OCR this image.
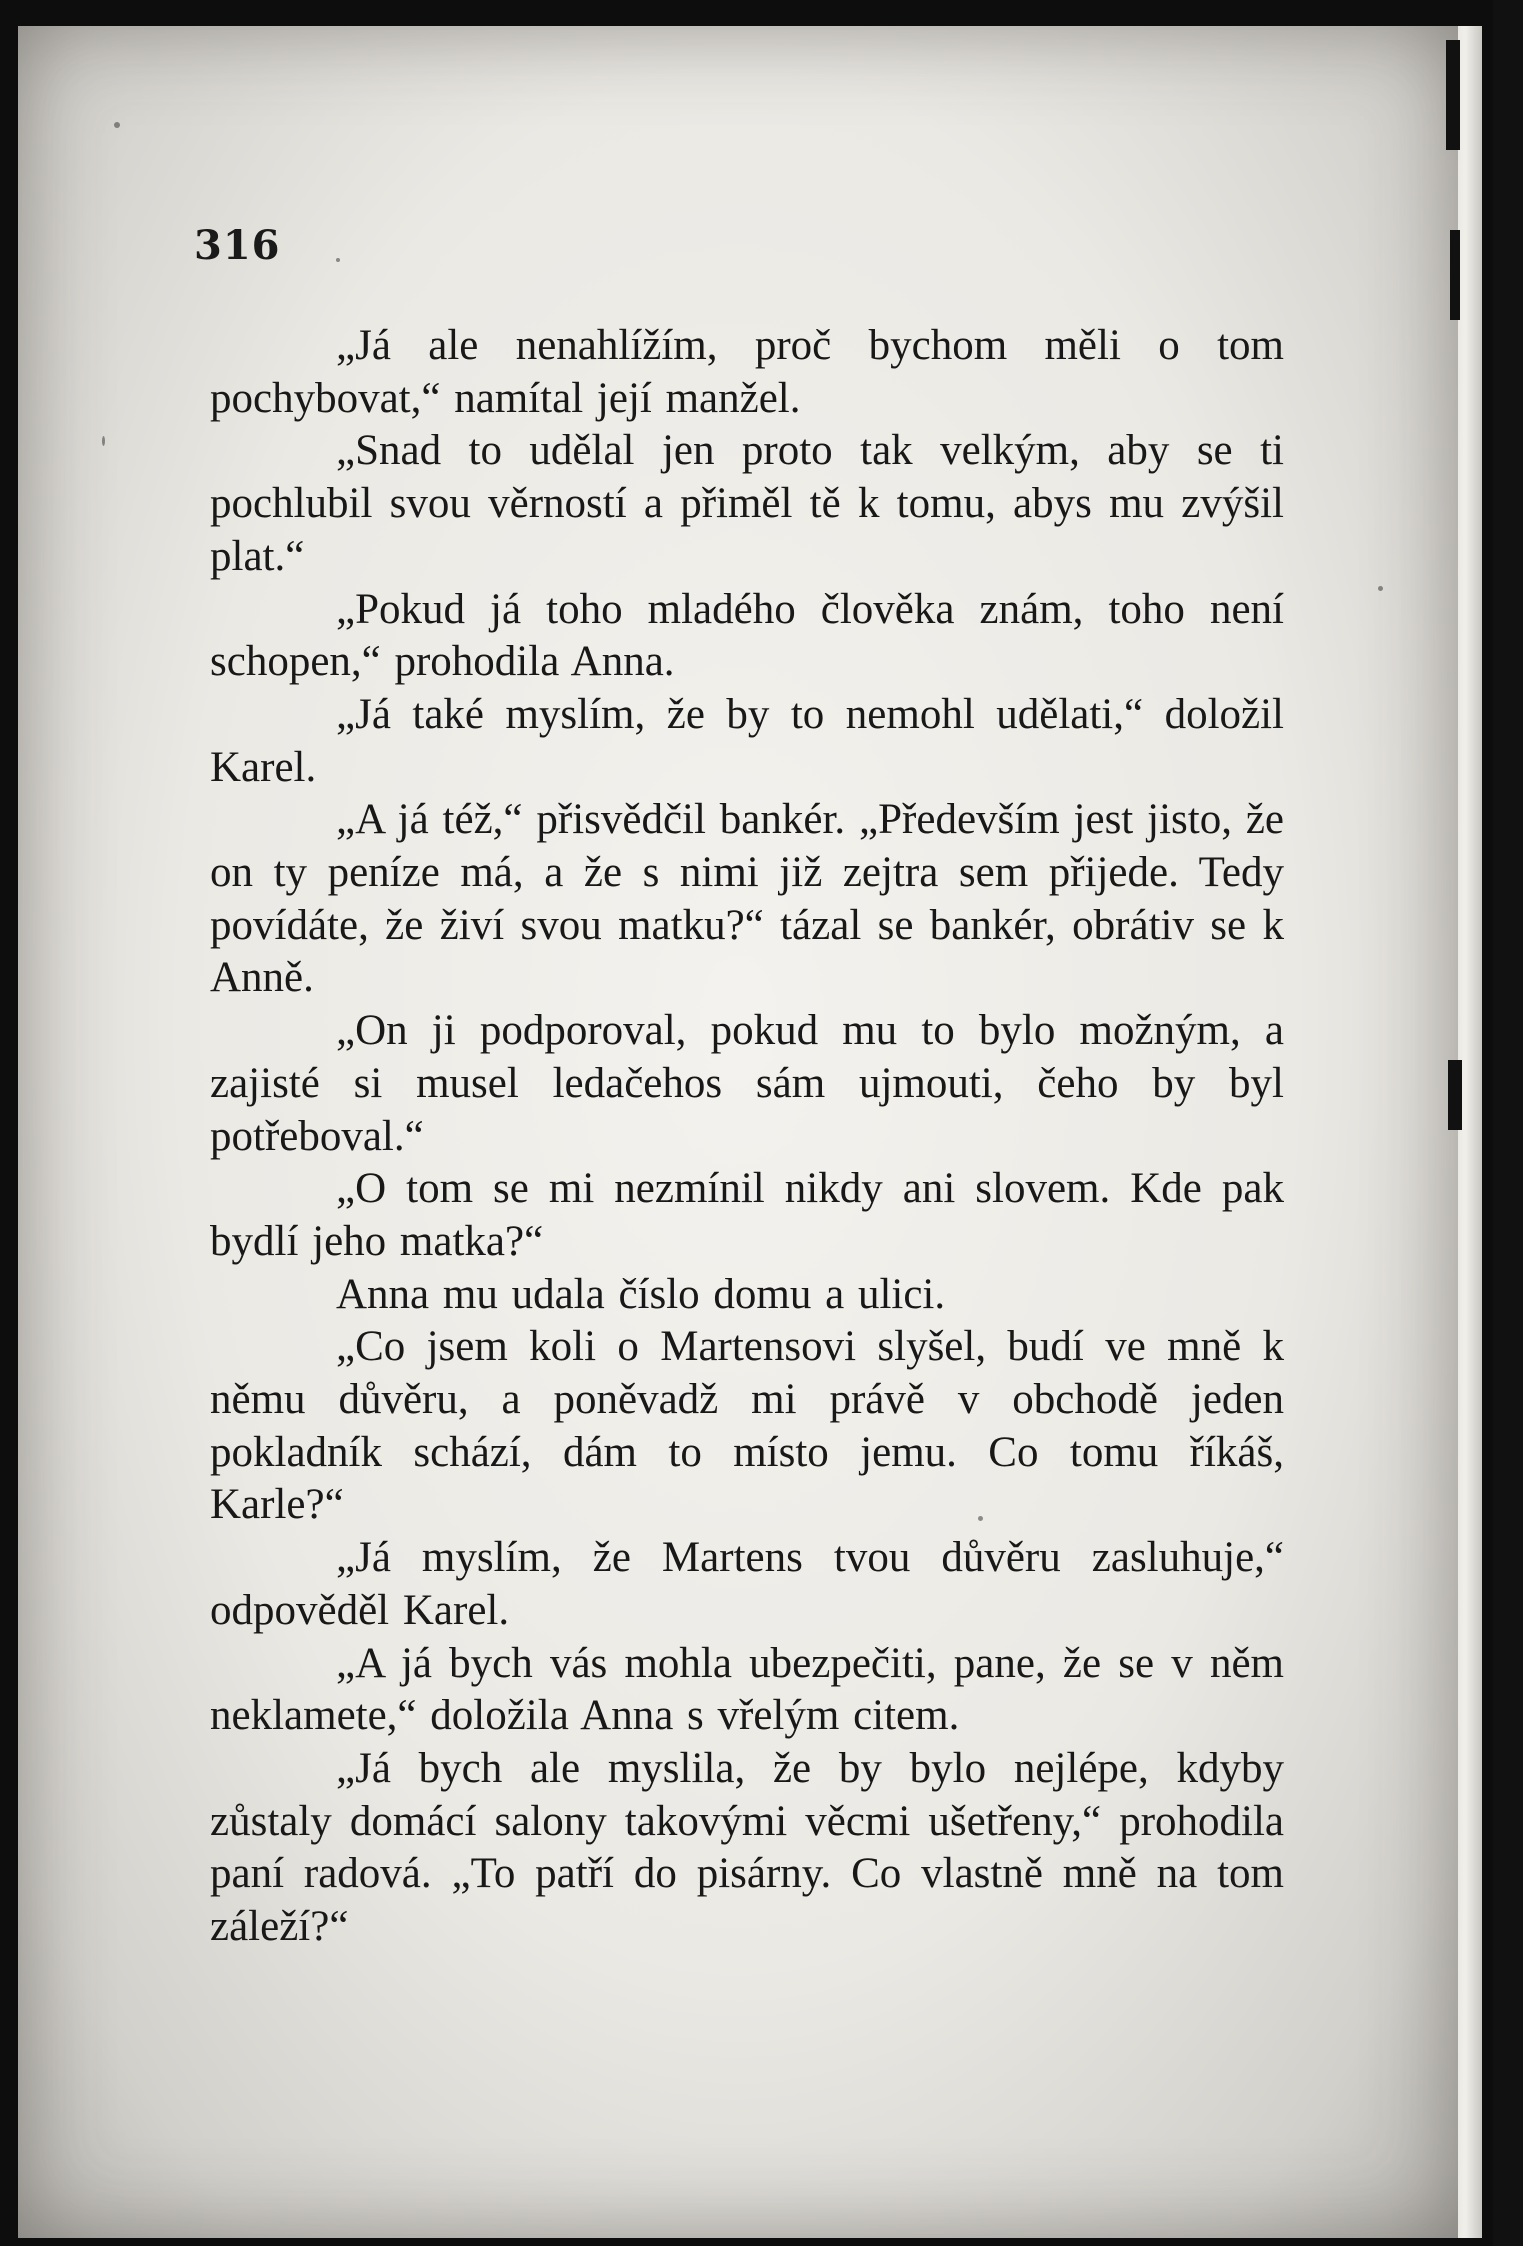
316

„Já ale nenahlížím, proč bychom měli o tom pochybovat,“ namítal její manžel.

„Snad to udělal jen proto tak velkým, aby se ti pochlubil svou věrností a přiměl tě k tomu, abys mu zvýšil plat.“

„Pokud já toho mladého člověka znám, toho není schopen,“ prohodila Anna.

„Já také myslím, že by to nemohl udělati,“ doložil Karel.

„A já též,“ přisvědčil bankér. „Především jest jisto, že on ty peníze má, a že s nimi již zejtra sem přijede. Tedy povídáte, že živí svou matku?“ tázal se bankér, obrátiv se k Anně.

„On ji podporoval, pokud mu to bylo možným, a zajisté si musel ledačehos sám ujmouti, čeho by byl potřeboval.“

„O tom se mi nezmínil nikdy ani slovem. Kde pak bydlí jeho matka?“

Anna mu udala číslo domu a ulici.

„Co jsem koli o Martensovi slyšel, budí ve mně k němu důvěru, a poněvadž mi právě v obchodě jeden pokladník schází, dám to místo jemu. Co tomu říkáš, Karle?“

„Já myslím, že Martens tvou důvěru zasluhuje,“ odpověděl Karel.

„A já bych vás mohla ubezpečiti, pane, že se v něm neklamete,“ doložila Anna s vřelým citem.

„Já bych ale myslila, že by bylo nejlépe, kdyby zůstaly domácí salony takovými věcmi ušetřeny,“ prohodila paní radová. „To patří do pisárny. Co vlastně mně na tom záleží?“
